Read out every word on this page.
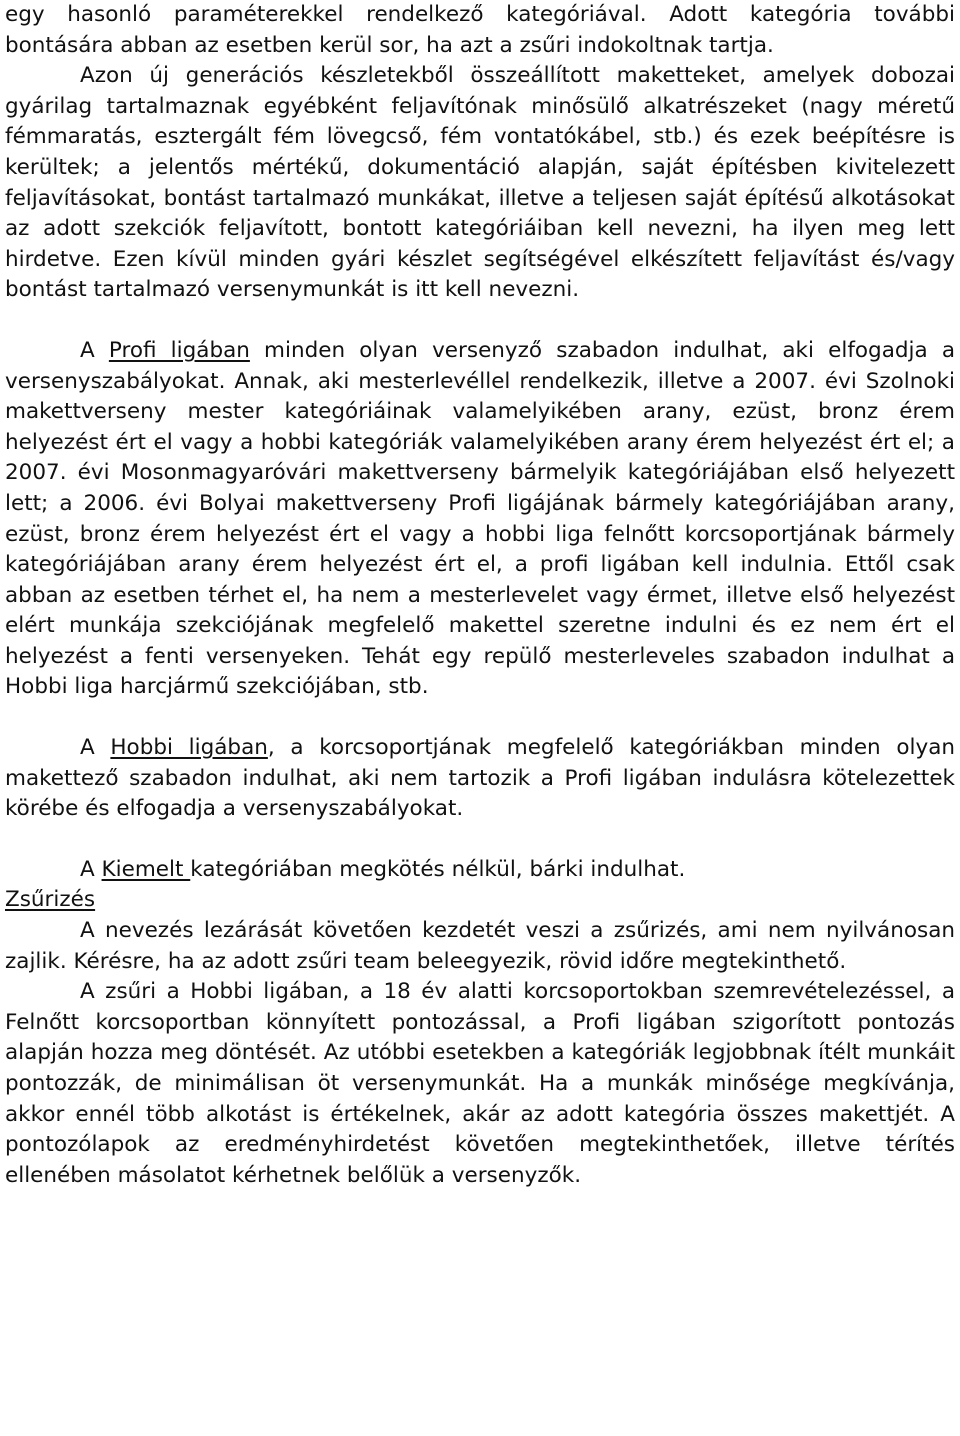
egy hasonló paraméterekkel rendelkező kategóriával. Adott kategória további bontására abban az esetben kerül sor, ha azt a zsűri indokoltnak tartja.

Azon új generációs készletekből összeállított maketteket, amelyek dobozai gyárilag tartalmaznak egyébként feljavítónak minősülő alkatrészeket (nagy méretű fémmaratás, esztergált fém lövegcső, fém vontatókábel, stb.) és ezek beépítésre is kerültek; a jelentős mértékű, dokumentáció alapján, saját építésben kivitelezett feljavításokat, bontást tartalmazó munkákat, illetve a teljesen saját építésű alkotásokat az adott szekciók feljavított, bontott kategóriáiban kell nevezni, ha ilyen meg lett hirdetve. Ezen kívül minden gyári készlet segítségével elkészített feljavítást és/vagy bontást tartalmazó versenymunkát is itt kell nevezni.

A Profi ligában minden olyan versenyző szabadon indulhat, aki elfogadja a versenyszabályokat. Annak, aki mesterlevéllel rendelkezik, illetve a 2007. évi Szolnoki makettverseny mester kategóriáinak valamelyikében arany, ezüst, bronz érem helyezést ért el vagy a hobbi kategóriák valamelyikében arany érem helyezést ért el; a 2007. évi Mosonmagyaróvári makettverseny bármelyik kategóriájában első helyezett lett; a 2006. évi Bolyai makettverseny Profi ligájának bármely kategóriájában arany, ezüst, bronz érem helyezést ért el vagy a hobbi liga felnőtt korcsoportjának bármely kategóriájában arany érem helyezést ért el, a profi ligában kell indulnia. Ettől csak abban az esetben térhet el, ha nem a mesterlevelet vagy érmet, illetve első helyezést elért munkája szekciójának megfelelő makettel szeretne indulni és ez nem ért el helyezést a fenti versenyeken. Tehát egy repülő mesterleveles szabadon indulhat a Hobbi liga harcjármű szekciójában, stb.

A Hobbi ligában, a korcsoportjának megfelelő kategóriákban minden olyan makettező szabadon indulhat, aki nem tartozik a Profi ligában indulásra kötelezettek körébe és elfogadja a versenyszabályokat.

A Kiemelt kategóriában megkötés nélkül, bárki indulhat.

Zsűrizés

A nevezés lezárását követően kezdetét veszi a zsűrizés, ami nem nyilvánosan zajlik. Kérésre, ha az adott zsűri team beleegyezik, rövid időre megtekinthető.

A zsűri a Hobbi ligában, a 18 év alatti korcsoportokban szemrevételezéssel, a Felnőtt korcsoportban könnyített pontozással, a Profi ligában szigorított pontozás alapján hozza meg döntését. Az utóbbi esetekben a kategóriák legjobbnak ítélt munkáit pontozzák, de minimálisan öt versenymunkát. Ha a munkák minősége megkívánja, akkor ennél több alkotást is értékelnek, akár az adott kategória összes makettjét. A pontozólapok az eredményhirdetést követően megtekinthetőek, illetve térítés ellenében másolatot kérhetnek belőlük a versenyzők.
